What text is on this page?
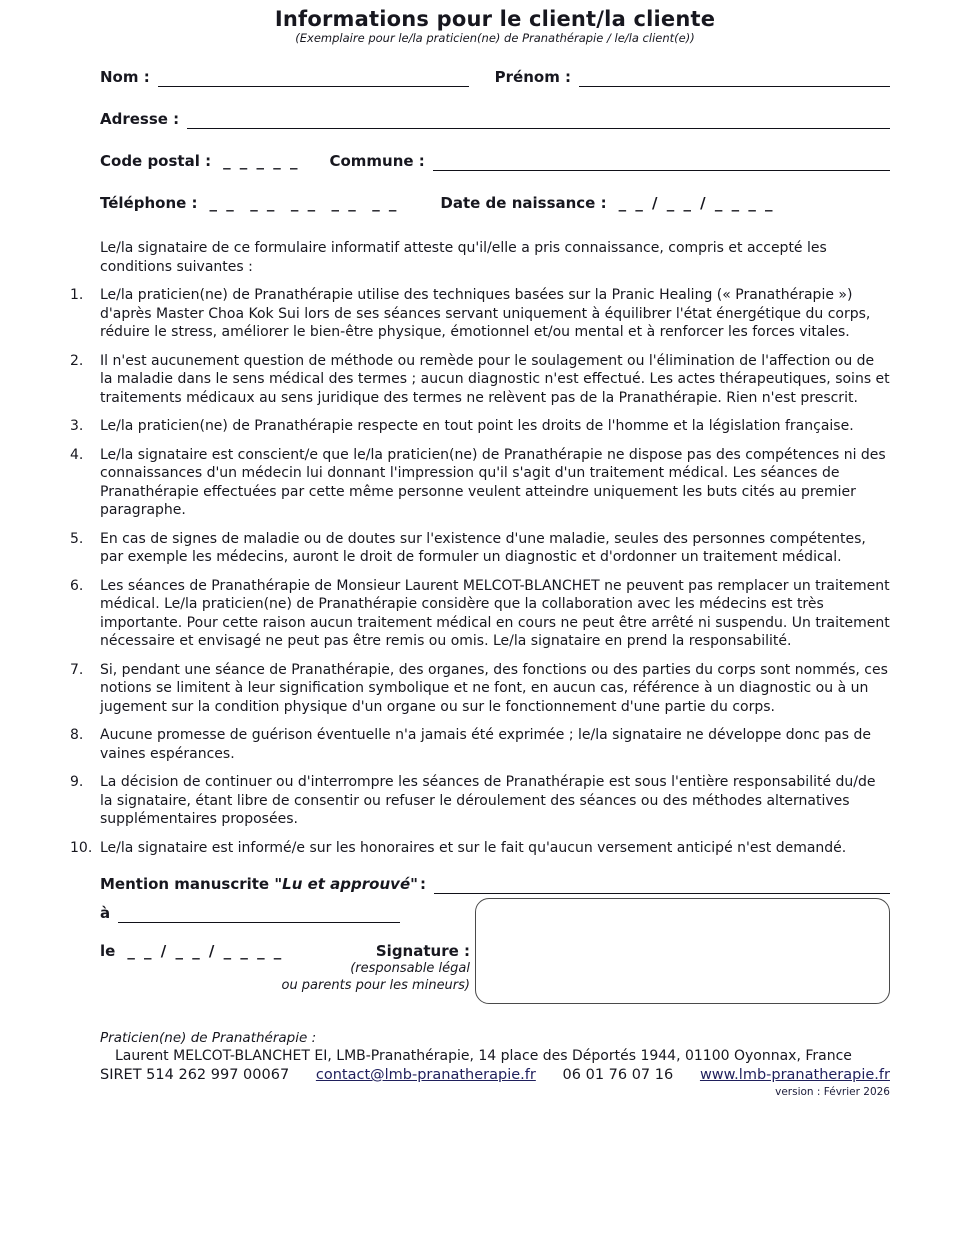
Informations pour le client/la cliente
(Exemplaire pour le/la praticien(ne) de Pranathérapie / le/la client(e))
Nom :	Prénom :
Adresse :
Code postal : _ _ _ _ _ Commune :
Téléphone : _ _  _ _  _ _  _ _  _ _	Date de naissance : _ _ / _ _ / _ _ _ _
Le/la signataire de ce formulaire informatif atteste qu'il/elle a pris connaissance, compris et accepté les conditions suivantes :
1.	Le/la praticien(ne) de Pranathérapie utilise des techniques basées sur la Pranic Healing (« Pranathérapie ») d'après Master Choa Kok Sui lors de ses séances servant uniquement à équilibrer l'état énergétique du corps, réduire le stress, améliorer le bien-être physique, émotionnel et/ou mental et à renforcer les forces vitales.
2.	Il n'est aucunement question de méthode ou remède pour le soulagement ou l'élimination de l'affection ou de la maladie dans le sens médical des termes ; aucun diagnostic n'est effectué. Les actes thérapeutiques, soins et traitements médicaux au sens juridique des termes ne relèvent pas de la Pranathérapie. Rien n'est prescrit.
3.	Le/la praticien(ne) de Pranathérapie respecte en tout point les droits de l'homme et la législation française.
4.	Le/la signataire est conscient/e que le/la praticien(ne) de Pranathérapie ne dispose pas des compétences ni des connaissances d'un médecin lui donnant l'impression qu'il s'agit d'un traitement médical. Les séances de Pranathérapie effectuées par cette même personne veulent atteindre uniquement les buts cités au premier paragraphe.
5.	En cas de signes de maladie ou de doutes sur l'existence d'une maladie, seules des personnes compétentes, par exemple les médecins, auront le droit de formuler un diagnostic et d'ordonner un traitement médical.
6.	Les séances de Pranathérapie de Monsieur Laurent MELCOT-BLANCHET ne peuvent pas remplacer un traitement médical. Le/la praticien(ne) de Pranathérapie considère que la collaboration avec les médecins est très importante. Pour cette raison aucun traitement médical en cours ne peut être arrêté ni suspendu. Un traitement nécessaire et envisagé ne peut pas être remis ou omis. Le/la signataire en prend la responsabilité.
7.	Si, pendant une séance de Pranathérapie, des organes, des fonctions ou des parties du corps sont nommés, ces notions se limitent à leur signification symbolique et ne font, en aucun cas, référence à un diagnostic ou à un jugement sur la condition physique d'un organe ou sur le fonctionnement d'une partie du corps.
8.	Aucune promesse de guérison éventuelle n'a jamais été exprimée ; le/la signataire ne développe donc pas de vaines espérances.
9.	La décision de continuer ou d'interrompre les séances de Pranathérapie est sous l'entière responsabilité du/de la signataire, étant libre de consentir ou refuser le déroulement des séances ou des méthodes alternatives supplémentaires proposées.
10. Le/la signataire est informé/e sur les honoraires et sur le fait qu'aucun versement anticipé n'est demandé.
Mention manuscrite "Lu et approuvé" :
à
le _ _ / _ _ / _ _ _ _	Signature :
(responsable légal
ou parents pour les mineurs)
Praticien(ne) de Pranathérapie :
Laurent MELCOT-BLANCHET EI, LMB-Pranathérapie, 14 place des Déportés 1944, 01100 Oyonnax, France
SIRET 514 262 997 00067 contact@lmb-pranatherapie.fr 06 01 76 07 16 www.lmb-pranatherapie.fr
version : Février 2026
